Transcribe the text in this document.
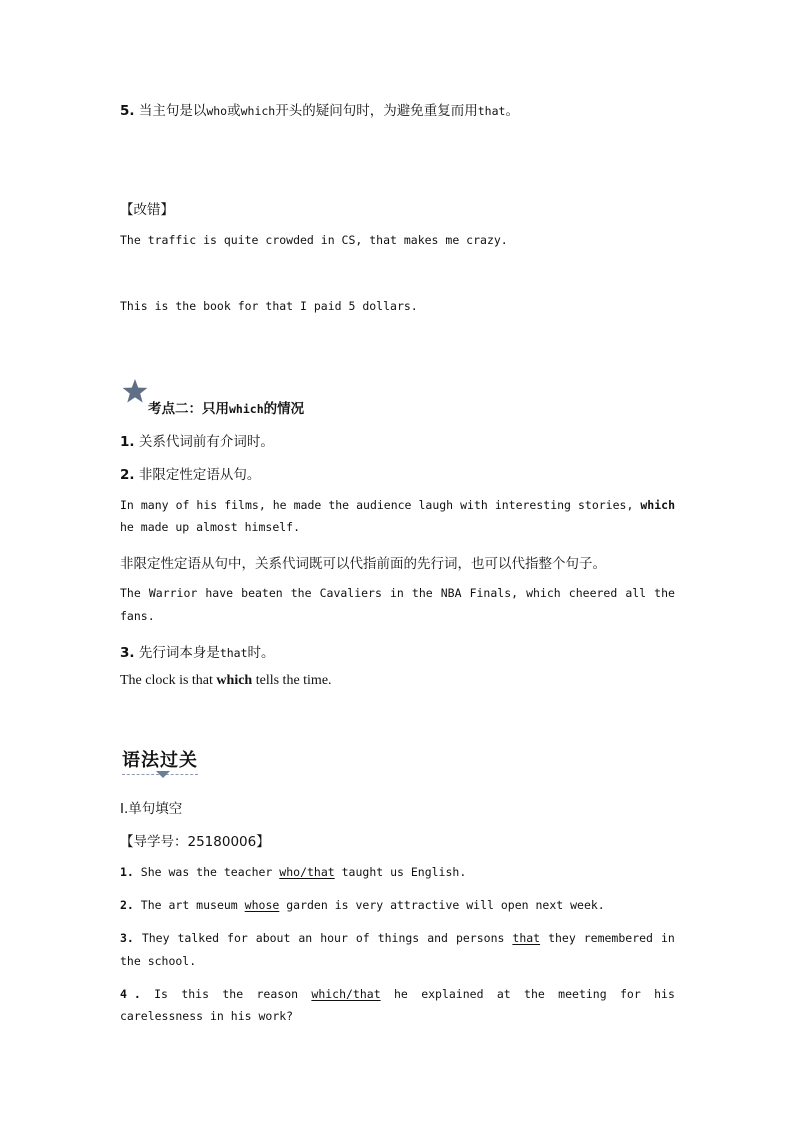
5. 当主句是以who或which开头的疑问句时，为避免重复而用that。
【改错】
The traffic is quite crowded in CS, that makes me crazy.
This is the book for that I paid 5 dollars.
考点二：只用which的情况
1. 关系代词前有介词时。
2. 非限定性定语从句。
In many of his films, he made the audience laugh with interesting stories, which
he made up almost himself.
非限定性定语从句中，关系代词既可以代指前面的先行词，也可以代指整个句子。
The Warrior have beaten the Cavaliers in the NBA Finals, which cheered all the
fans.
3. 先行词本身是that时。
The clock is that which tells the time.
语法过关
Ⅰ.单句填空
【导学号：25180006】
1. She was the teacher who/that taught us English.
2. The art museum whose garden is very attractive will open next week.
3. They talked for about an hour of things and persons that they remembered in
the school.
4 . Is this the reason which/that he explained at the meeting for his
carelessness in his work?
